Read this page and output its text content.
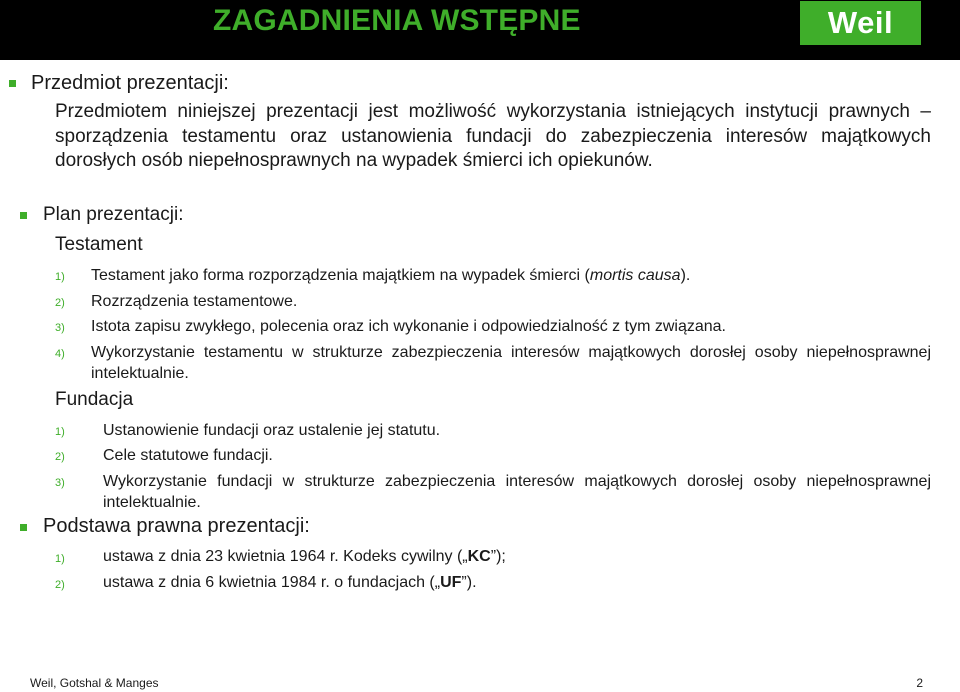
ZAGADNIENIA WSTĘPNE	Weil
Przedmiot prezentacji:
Przedmiotem niniejszej prezentacji jest możliwość wykorzystania istniejących instytucji prawnych – sporządzenia testamentu oraz ustanowienia fundacji do zabezpieczenia interesów majątkowych dorosłych osób niepełnosprawnych na wypadek śmierci ich opiekunów.
Plan prezentacji:
Testament
1) Testament jako forma rozporządzenia majątkiem na wypadek śmierci (mortis causa).
2) Rozrządzenia testamentowe.
3) Istota zapisu zwykłego, polecenia oraz ich wykonanie i odpowiedzialność z tym związana.
4) Wykorzystanie testamentu w strukturze zabezpieczenia interesów majątkowych dorosłej osoby niepełnosprawnej intelektualnie.
Fundacja
1) Ustanowienie fundacji oraz ustalenie jej statutu.
2) Cele statutowe fundacji.
3) Wykorzystanie fundacji w strukturze zabezpieczenia interesów majątkowych dorosłej osoby niepełnosprawnej intelektualnie.
Podstawa prawna prezentacji:
1) ustawa z dnia 23 kwietnia 1964 r. Kodeks cywilny („KC”);
2) ustawa z dnia 6 kwietnia 1984 r. o fundacjach („UF”).
Weil, Gotshal & Manges	2
